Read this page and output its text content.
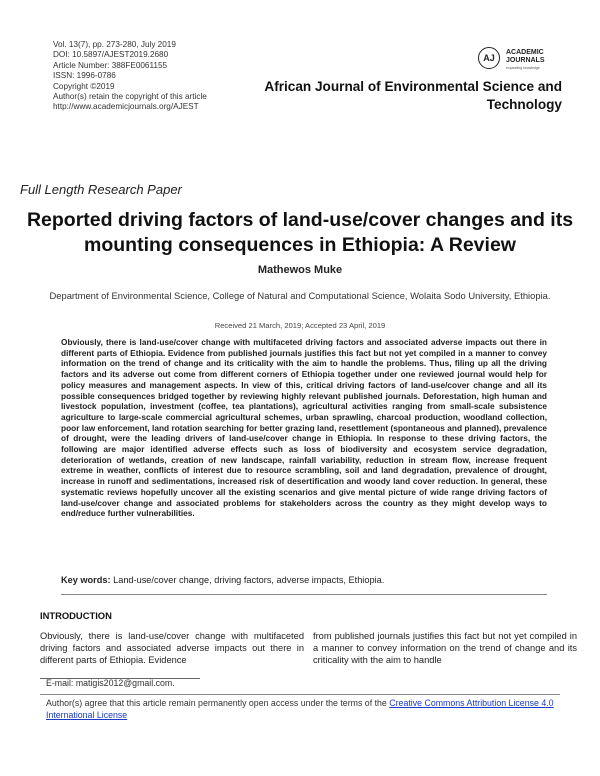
Vol. 13(7), pp. 273-280, July 2019
DOI: 10.5897/AJEST2019.2680
Article Number: 388FE0061155
ISSN: 1996-0786
Copyright ©2019
Author(s) retain the copyright of this article
http://www.academicjournals.org/AJEST
AJ
ACADEMIC
JOURNALS
expanding knowledge
African Journal of Environmental Science and Technology
Full Length Research Paper
Reported driving factors of land-use/cover changes and its mounting consequences in Ethiopia: A Review
Mathewos Muke
Department of Environmental Science, College of Natural and Computational Science, Wolaita Sodo University, Ethiopia.
Received 21 March, 2019; Accepted 23 April, 2019
Obviously, there is land-use/cover change with multifaceted driving factors and associated adverse impacts out there in different parts of Ethiopia. Evidence from published journals justifies this fact but not yet compiled in a manner to convey information on the trend of change and its criticality with the aim to handle the problems. Thus, filing up all the driving factors and its adverse out come from different corners of Ethiopia together under one reviewed journal would help for policy measures and management aspects. In view of this, critical driving factors of land-use/cover change and all its possible consequences bridged together by reviewing highly relevant published journals. Deforestation, high human and livestock population, investment (coffee, tea plantations), agricultural activities ranging from small-scale subsistence agriculture to large-scale commercial agricultural schemes, urban sprawling, charcoal production, woodland collection, poor law enforcement, land rotation searching for better grazing land, resettlement (spontaneous and planned), prevalence of drought, were the leading drivers of land-use/cover change in Ethiopia. In response to these driving factors, the following are major identified adverse effects such as loss of biodiversity and ecosystem service degradation, deterioration of wetlands, creation of new landscape, rainfall variability, reduction in stream flow, increase frequent extreme in weather, conflicts of interest due to resource scrambling, soil and land degradation, prevalence of drought, increase in runoff and sedimentations, increased risk of desertification and woody land cover reduction. In general, these systematic reviews hopefully uncover all the existing scenarios and give mental picture of wide range driving factors of land-use/cover change and associated problems for stakeholders across the country as they might develop ways to end/reduce further vulnerabilities.
Key words: Land-use/cover change, driving factors, adverse impacts, Ethiopia.
INTRODUCTION
Obviously, there is land-use/cover change with multifaceted driving factors and associated adverse impacts out there in different parts of Ethiopia. Evidence
from published journals justifies this fact but not yet compiled in a manner to convey information on the trend of change and its criticality with the aim to handle
E-mail: matigis2012@gmail.com.
Author(s) agree that this article remain permanently open access under the terms of the Creative Commons Attribution License 4.0 International License
